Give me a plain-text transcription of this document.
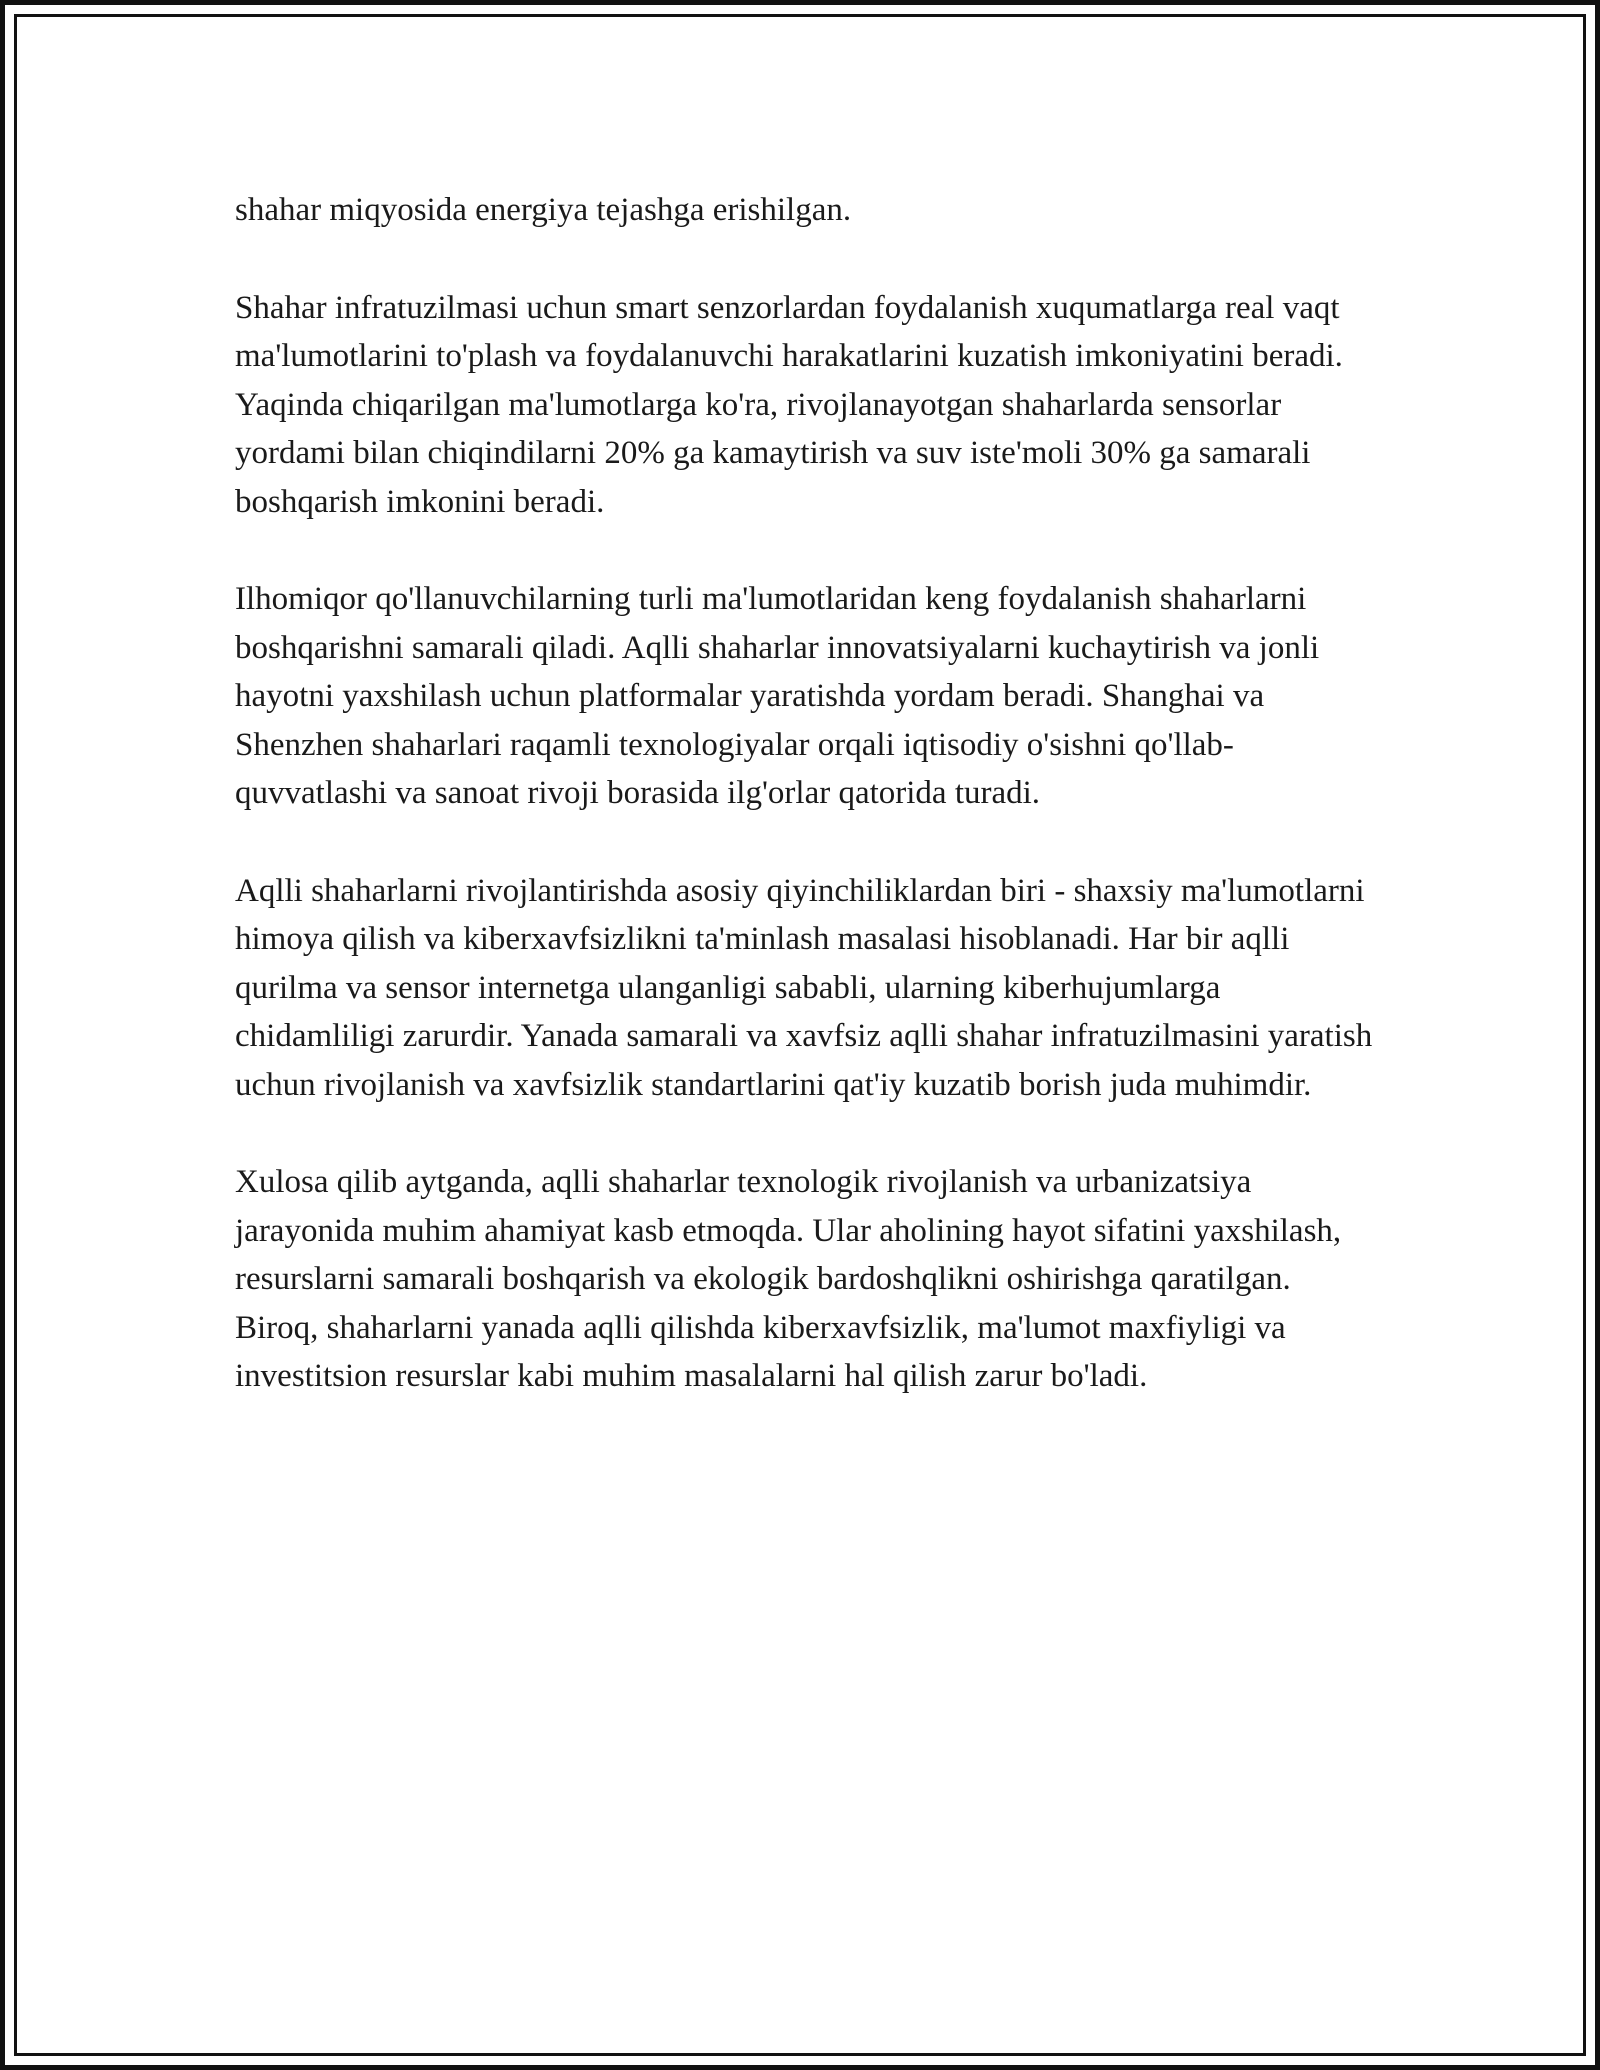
shahar miqyosida energiya tejashga erishilgan.

Shahar infratuzilmasi uchun smart senzorlardan foydalanish xuqumatlarga real vaqt ma'lumotlarini to'plash va foydalanuvchi harakatlarini kuzatish imkoniyatini beradi. Yaqinda chiqarilgan ma'lumotlarga ko'ra, rivojlanayotgan shaharlarda sensorlar yordami bilan chiqindilarni 20% ga kamaytirish va suv iste'moli 30% ga samarali boshqarish imkonini beradi.

Ilhomiqor qo'llanuvchilarning turli ma'lumotlaridan keng foydalanish shaharlarni boshqarishni samarali qiladi. Aqlli shaharlar innovatsiyalarni kuchaytirish va jonli hayotni yaxshilash uchun platformalar yaratishda yordam beradi. Shanghai va Shenzhen shaharlari raqamli texnologiyalar orqali iqtisodiy o'sishni qo'llab-quvvatlashi va sanoat rivoji borasida ilg'orlar qatorida turadi.

Aqlli shaharlarni rivojlantirishda asosiy qiyinchiliklardan biri - shaxsiy ma'lumotlarni himoya qilish va kiberxavfsizlikni ta'minlash masalasi hisoblanadi. Har bir aqlli qurilma va sensor internetga ulanganligi sababli, ularning kiberhujumlarga chidamliligi zarurdir. Yanada samarali va xavfsiz aqlli shahar infratuzilmasini yaratish uchun rivojlanish va xavfsizlik standartlarini qat'iy kuzatib borish juda muhimdir.

Xulosa qilib aytganda, aqlli shaharlar texnologik rivojlanish va urbanizatsiya jarayonida muhim ahamiyat kasb etmoqda. Ular aholining hayot sifatini yaxshilash, resurslarni samarali boshqarish va ekologik bardoshqlikni oshirishga qaratilgan. Biroq, shaharlarni yanada aqlli qilishda kiberxavfsizlik, ma'lumot maxfiyligi va investitsion resurslar kabi muhim masalalarni hal qilish zarur bo'ladi.
